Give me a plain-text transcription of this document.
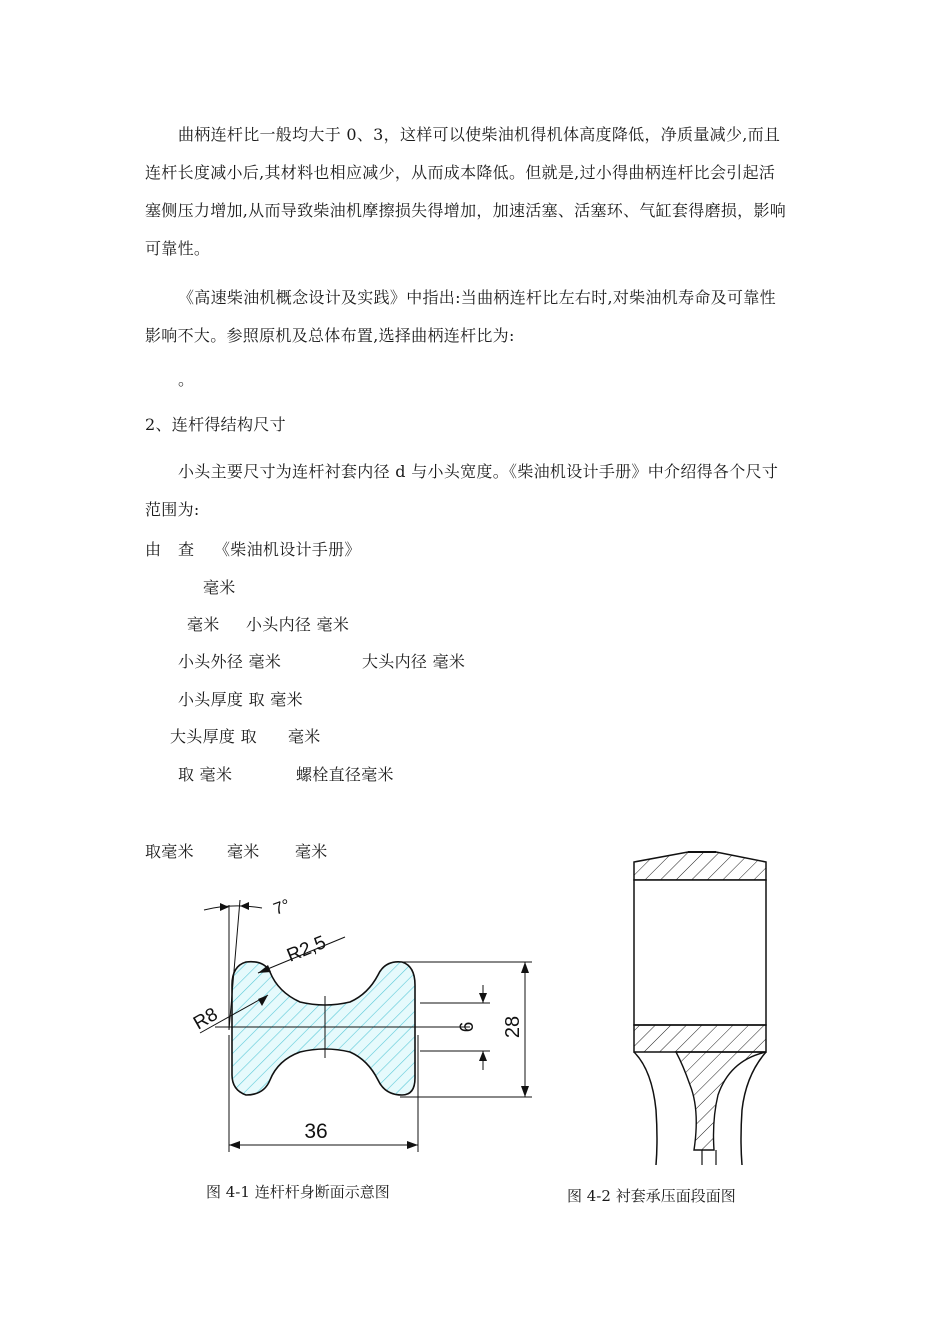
曲柄连杆比一般均大于 0、3，这样可以使柴油机得机体高度降低，净质量减少,而且
连杆长度减小后,其材料也相应减少，从而成本降低。但就是,过小得曲柄连杆比会引起活
塞侧压力增加,从而导致柴油机摩擦损失得增加，加速活塞、活塞环、气缸套得磨损，影响
可靠性。
《高速柴油机概念设计及实践》中指出:当曲柄连杆比左右时,对柴油机寿命及可靠性
影响不大。参照原机及总体布置,选择曲柄连杆比为:
。
2、连杆得结构尺寸
小头主要尺寸为连杆衬套内径 d 与小头宽度。《柴油机设计手册》中介绍得各个尺寸
范围为:
由 查 《柴油机设计手册》
毫米
毫米 小头内径 毫米
小头外径 毫米	大头内径 毫米
小头厚度 取 毫米
大头厚度 取 毫米
取 毫米	螺栓直径毫米
取毫米 毫米 毫米
7°
R2,5
R8	6 28
36
图 4-1 连杆杆身断面示意图	图 4-2 衬套承压面段面图
